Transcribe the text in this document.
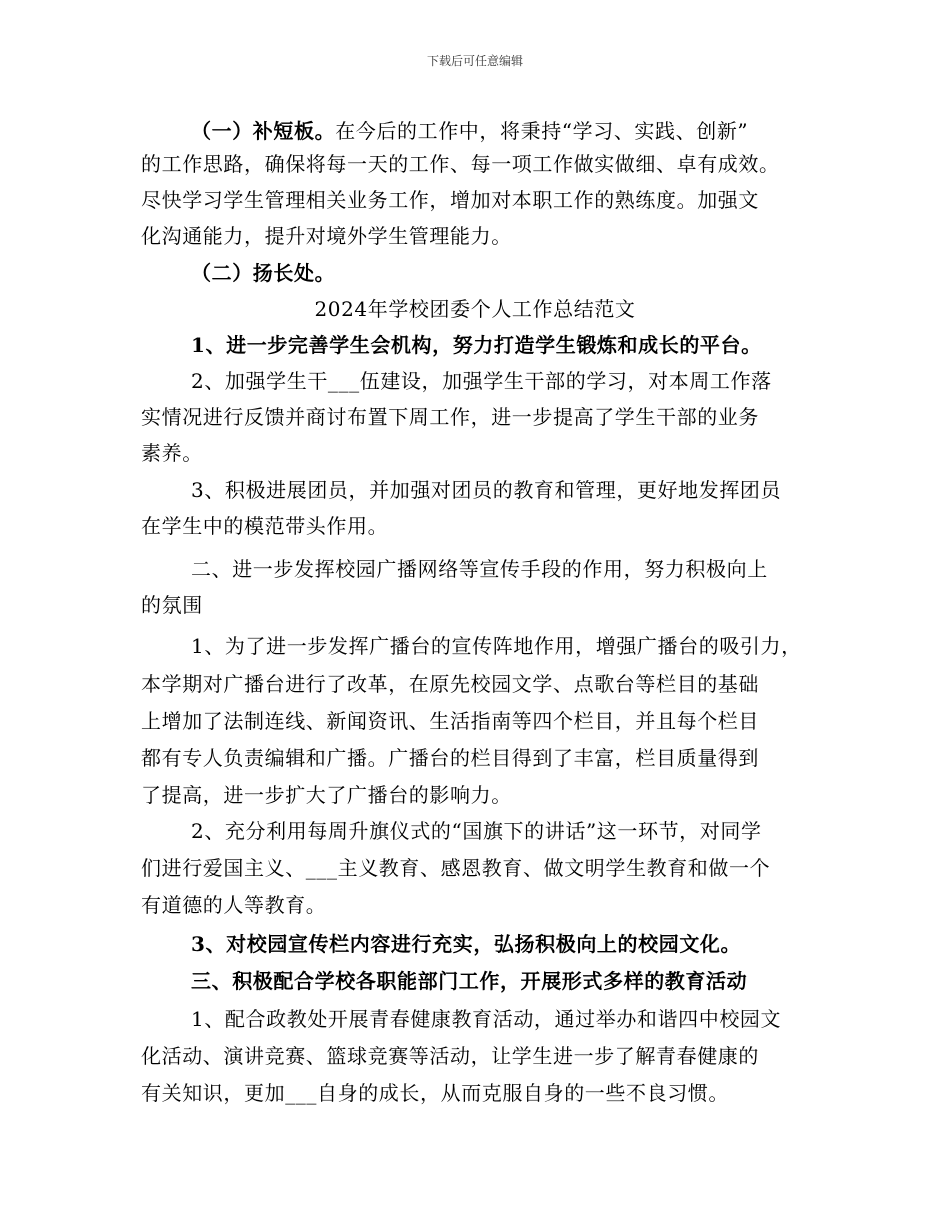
下载后可任意编辑
（一）补短板。在今后的工作中，将秉持“学习、实践、创新”
的工作思路，确保将每一天的工作、每一项工作做实做细、卓有成效。
尽快学习学生管理相关业务工作，增加对本职工作的熟练度。加强文
化沟通能力，提升对境外学生管理能力。
（二）扬长处。
2024年学校团委个人工作总结范文
1、进一步完善学生会机构，努力打造学生锻炼和成长的平台。
2、加强学生干___伍建设，加强学生干部的学习，对本周工作落
实情况进行反馈并商讨布置下周工作，进一步提高了学生干部的业务
素养。
3、积极进展团员，并加强对团员的教育和管理，更好地发挥团员
在学生中的模范带头作用。
二、进一步发挥校园广播网络等宣传手段的作用，努力积极向上
的氛围
1、为了进一步发挥广播台的宣传阵地作用，增强广播台的吸引力，
本学期对广播台进行了改革，在原先校园文学、点歌台等栏目的基础
上增加了法制连线、新闻资讯、生活指南等四个栏目，并且每个栏目
都有专人负责编辑和广播。广播台的栏目得到了丰富，栏目质量得到
了提高，进一步扩大了广播台的影响力。
2、充分利用每周升旗仪式的“国旗下的讲话”这一环节，对同学
们进行爱国主义、___主义教育、感恩教育、做文明学生教育和做一个
有道德的人等教育。
3、对校园宣传栏内容进行充实，弘扬积极向上的校园文化。
三、积极配合学校各职能部门工作，开展形式多样的教育活动
1、配合政教处开展青春健康教育活动，通过举办和谐四中校园文
化活动、演讲竞赛、篮球竞赛等活动，让学生进一步了解青春健康的
有关知识，更加___自身的成长，从而克服自身的一些不良习惯。
